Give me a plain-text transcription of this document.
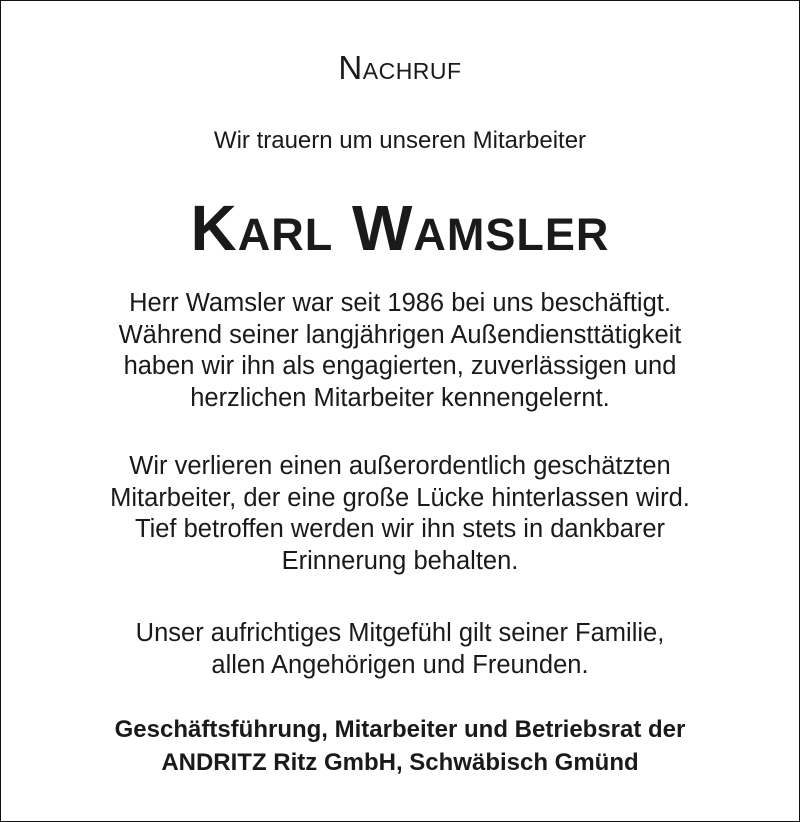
Nachruf
Wir trauern um unseren Mitarbeiter
Karl Wamsler
Herr Wamsler war seit 1986 bei uns beschäftigt.
Während seiner langjährigen Außendiensttätigkeit
haben wir ihn als engagierten, zuverlässigen und
herzlichen Mitarbeiter kennengelernt.
Wir verlieren einen außerordentlich geschätzten
Mitarbeiter, der eine große Lücke hinterlassen wird.
Tief betroffen werden wir ihn stets in dankbarer
Erinnerung behalten.
Unser aufrichtiges Mitgefühl gilt seiner Familie,
allen Angehörigen und Freunden.
Geschäftsführung, Mitarbeiter und Betriebsrat der
ANDRITZ Ritz GmbH, Schwäbisch Gmünd
